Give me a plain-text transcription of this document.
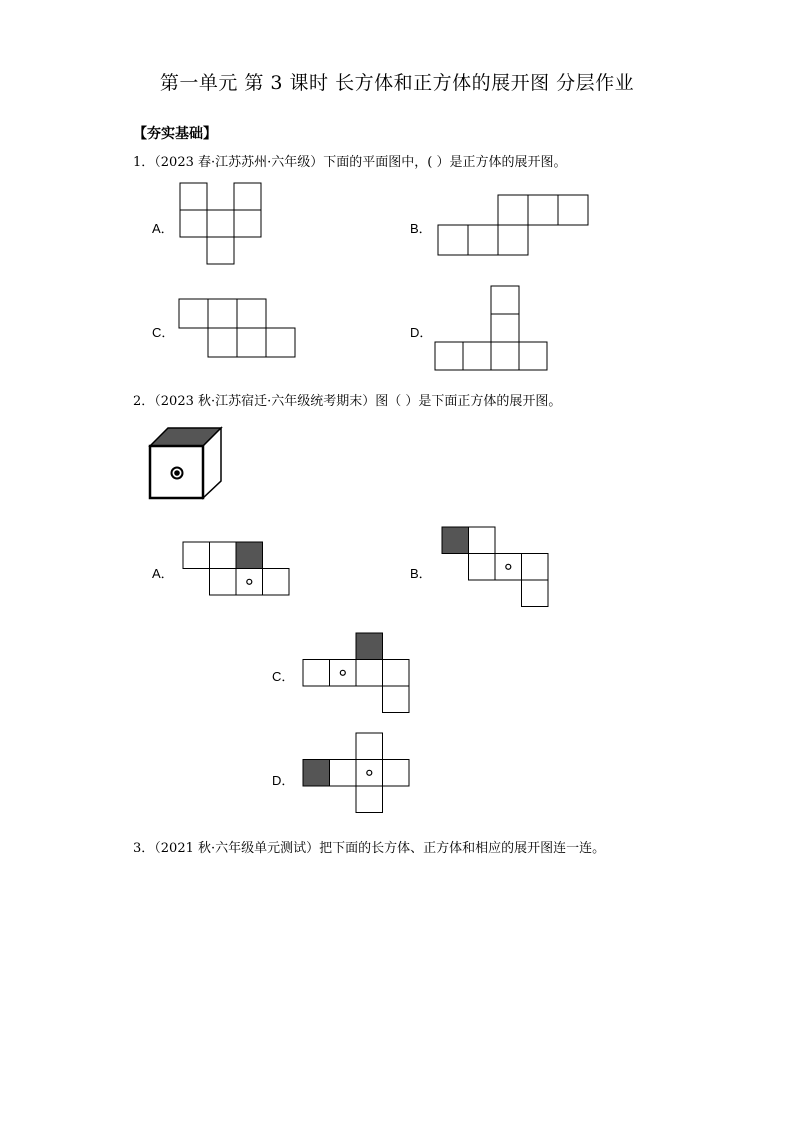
第一单元 第 3 课时 长方体和正方体的展开图 分层作业
【夯实基础】
1．（2023 春·江苏苏州·六年级）下面的平面图中，( ）是正方体的展开图。
A．	B．
C．	D．
2．（2023 秋·江苏宿迁·六年级统考期末）图（ ）是下面正方体的展开图。
A．	B．
C．
D．
3．（2021 秋·六年级单元测试）把下面的长方体、正方体和相应的展开图连一连。
